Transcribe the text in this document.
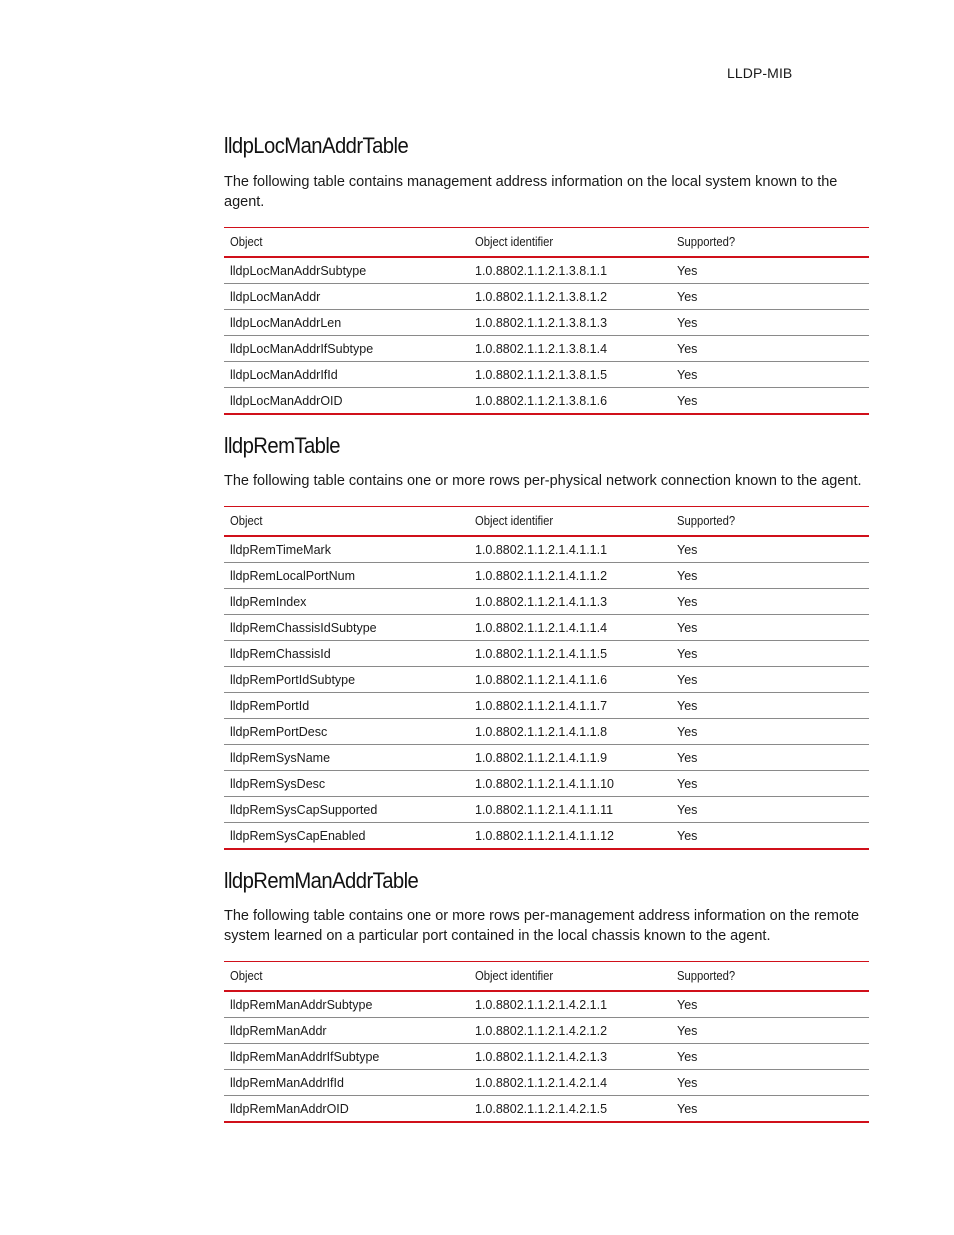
LLDP-MIB
lldpLocManAddrTable

The following table contains management address information on the local system known to the agent.

Object	Object identifier	Supported?
lldpLocManAddrSubtype	1.0.8802.1.1.2.1.3.8.1.1	Yes
lldpLocManAddr	1.0.8802.1.1.2.1.3.8.1.2	Yes
lldpLocManAddrLen	1.0.8802.1.1.2.1.3.8.1.3	Yes
lldpLocManAddrIfSubtype	1.0.8802.1.1.2.1.3.8.1.4	Yes
lldpLocManAddrIfId	1.0.8802.1.1.2.1.3.8.1.5	Yes
lldpLocManAddrOID	1.0.8802.1.1.2.1.3.8.1.6	Yes
lldpRemTable

The following table contains one or more rows per-physical network connection known to the agent.

Object	Object identifier	Supported?
lldpRemTimeMark	1.0.8802.1.1.2.1.4.1.1.1	Yes
lldpRemLocalPortNum	1.0.8802.1.1.2.1.4.1.1.2	Yes
lldpRemIndex	1.0.8802.1.1.2.1.4.1.1.3	Yes
lldpRemChassisIdSubtype	1.0.8802.1.1.2.1.4.1.1.4	Yes
lldpRemChassisId	1.0.8802.1.1.2.1.4.1.1.5	Yes
lldpRemPortIdSubtype	1.0.8802.1.1.2.1.4.1.1.6	Yes
lldpRemPortId	1.0.8802.1.1.2.1.4.1.1.7	Yes
lldpRemPortDesc	1.0.8802.1.1.2.1.4.1.1.8	Yes
lldpRemSysName	1.0.8802.1.1.2.1.4.1.1.9	Yes
lldpRemSysDesc	1.0.8802.1.1.2.1.4.1.1.10	Yes
lldpRemSysCapSupported	1.0.8802.1.1.2.1.4.1.1.11	Yes
lldpRemSysCapEnabled	1.0.8802.1.1.2.1.4.1.1.12	Yes
lldpRemManAddrTable

The following table contains one or more rows per-management address information on the remote system learned on a particular port contained in the local chassis known to the agent.

Object	Object identifier	Supported?
lldpRemManAddrSubtype	1.0.8802.1.1.2.1.4.2.1.1	Yes
lldpRemManAddr	1.0.8802.1.1.2.1.4.2.1.2	Yes
lldpRemManAddrIfSubtype	1.0.8802.1.1.2.1.4.2.1.3	Yes
lldpRemManAddrIfId	1.0.8802.1.1.2.1.4.2.1.4	Yes
lldpRemManAddrOID	1.0.8802.1.1.2.1.4.2.1.5	Yes
